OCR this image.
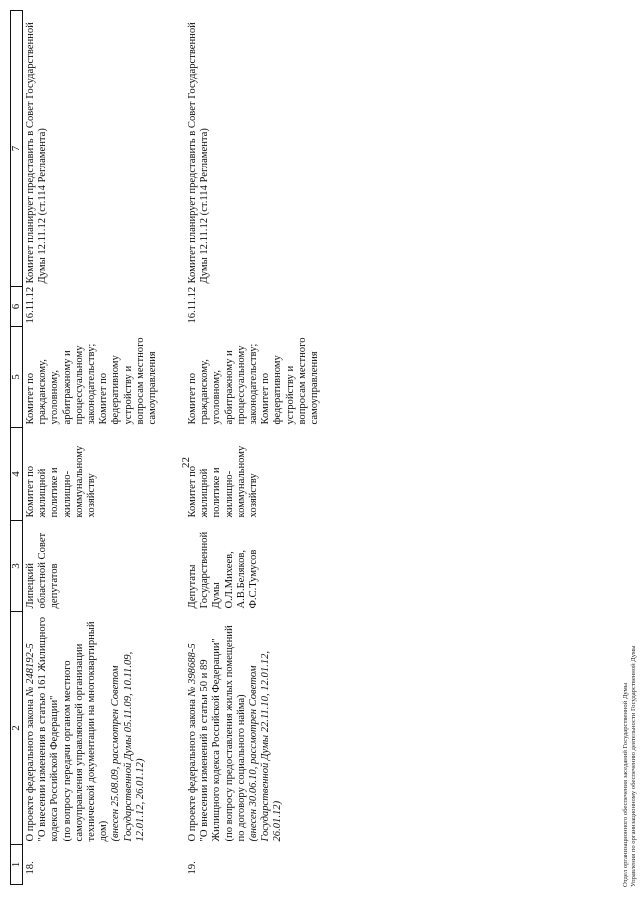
22
1	2	3	4	5	6	7
18.	О проекте федерального закона № 248192-5 "О внесении изменения в статью 161 Жилищного кодекса Российской Федерации" (по вопросу передачи органом местного самоуправления управляющей организации технической документации на многоквартирный дом) (внесен 25.08.09, рассмотрен Советом Государственной Думы 05.11.09, 10.11.09, 12.01.12, 26.01.12)	Липецкий областной Совет депутатов	Комитет по жилищной политике и жилищно-коммунальному хозяйству	Комитет по гражданскому, уголовному, арбитражному и процессуальному законодательству; Комитет по федеративному устройству и вопросам местного самоуправления	16.11.12	Комитет планирует представить в Совет Государственной Думы 12.11.12 (ст.114 Регламента)
19.	О проекте федерального закона № 398688-5 "О внесении изменений в статьи 50 и 89 Жилищного кодекса Российской Федерации" (по вопросу предоставления жилых помещений по договору социального найма) (внесен 30.06.10, рассмотрен Советом Государственной Думы 22.11.10, 12.01.12, 26.01.12)	Депутаты Государственной Думы О.Л.Михеев, А.В.Беляков, Ф.С.Тумусов	Комитет по жилищной политике и жилищно-коммунальному хозяйству	Комитет по гражданскому, уголовному, арбитражному и процессуальному законодательству; Комитет по федеративному устройству и вопросам местного самоуправления	16.11.12	Комитет планирует представить в Совет Государственной Думы 12.11.12 (ст.114 Регламента)
Отдел организационного обеспечения заседаний Государственной Думы Управления по организационному обеспечению деятельности Государственной Думы
